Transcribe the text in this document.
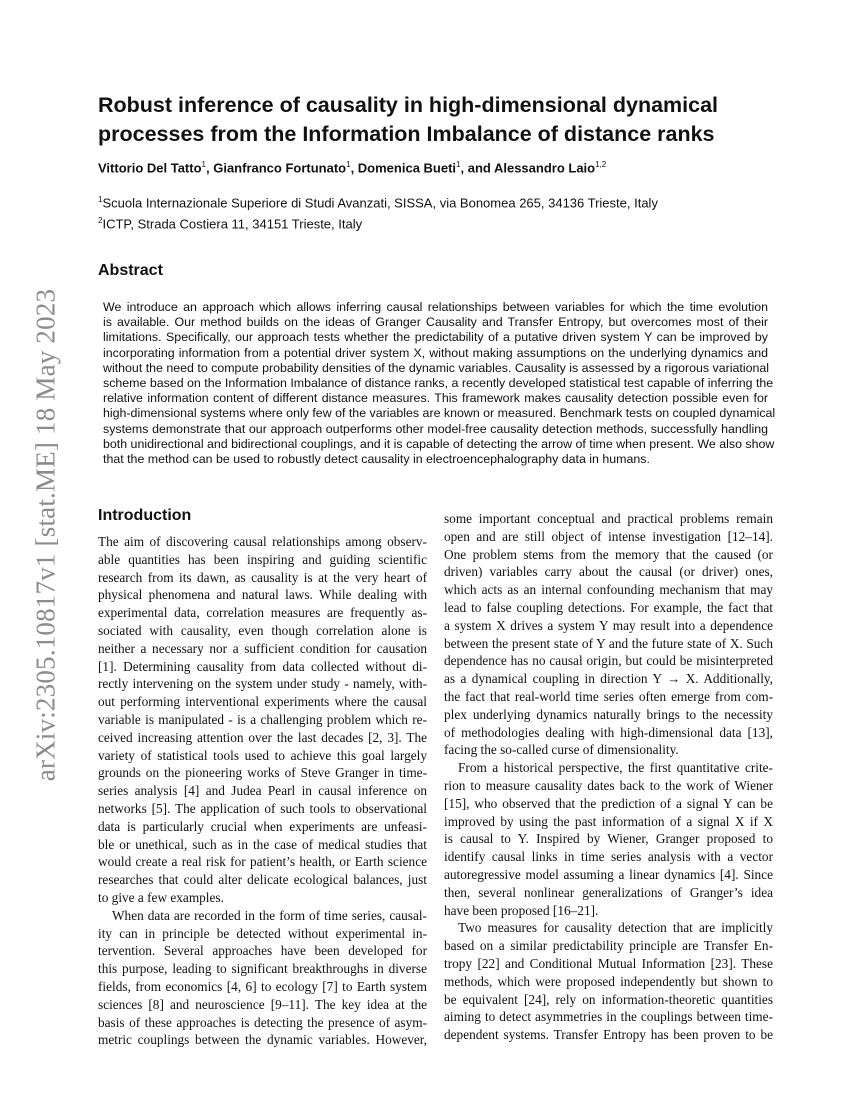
arXiv:2305.10817v1 [stat.ME] 18 May 2023
Robust inference of causality in high-dimensional dynamical
processes from the Information Imbalance of distance ranks
Vittorio Del Tatto$^1$, Gianfranco Fortunato$^1$, Domenica Bueti$^1$, and Alessandro Laio$^{1,2}$
$^1$Scuola Internazionale Superiore di Studi Avanzati, SISSA, via Bonomea 265, 34136 Trieste, Italy
$^2$ICTP, Strada Costiera 11, 34151 Trieste, Italy
Abstract
We introduce an approach which allows inferring causal relationships between variables for which the time evolution
is available. Our method builds on the ideas of Granger Causality and Transfer Entropy, but overcomes most of their
limitations. Specifically, our approach tests whether the predictability of a putative driven system Y can be improved by
incorporating information from a potential driver system X, without making assumptions on the underlying dynamics and
without the need to compute probability densities of the dynamic variables. Causality is assessed by a rigorous variational
scheme based on the Information Imbalance of distance ranks, a recently developed statistical test capable of inferring the
relative information content of different distance measures. This framework makes causality detection possible even for
high-dimensional systems where only few of the variables are known or measured. Benchmark tests on coupled dynamical
systems demonstrate that our approach outperforms other model-free causality detection methods, successfully handling
both unidirectional and bidirectional couplings, and it is capable of detecting the arrow of time when present. We also show
that the method can be used to robustly detect causality in electroencephalography data in humans.
Introduction

The aim of discovering causal relationships among observ-
able quantities has been inspiring and guiding scientific
research from its dawn, as causality is at the very heart of
physical phenomena and natural laws. While dealing with
experimental data, correlation measures are frequently as-
sociated with causality, even though correlation alone is
neither a necessary nor a sufficient condition for causation
[1]. Determining causality from data collected without di-
rectly intervening on the system under study - namely, with-
out performing interventional experiments where the causal
variable is manipulated - is a challenging problem which re-
ceived increasing attention over the last decades [2, 3]. The
variety of statistical tools used to achieve this goal largely
grounds on the pioneering works of Steve Granger in time-
series analysis [4] and Judea Pearl in causal inference on
networks [5]. The application of such tools to observational
data is particularly crucial when experiments are unfeasi-
ble or unethical, such as in the case of medical studies that
would create a real risk for patient’s health, or Earth science
researches that could alter delicate ecological balances, just
to give a few examples.

When data are recorded in the form of time series, causal-
ity can in principle be detected without experimental in-
tervention. Several approaches have been developed for
this purpose, leading to significant breakthroughs in diverse
fields, from economics [4, 6] to ecology [7] to Earth system
sciences [8] and neuroscience [9–11]. The key idea at the
basis of these approaches is detecting the presence of asym-
metric couplings between the dynamic variables. However,

some important conceptual and practical problems remain
open and are still object of intense investigation [12–14].
One problem stems from the memory that the caused (or
driven) variables carry about the causal (or driver) ones,
which acts as an internal confounding mechanism that may
lead to false coupling detections. For example, the fact that
a system X drives a system Y may result into a dependence
between the present state of Y and the future state of X. Such
dependence has no causal origin, but could be misinterpreted
as a dynamical coupling in direction Y → X. Additionally,
the fact that real-world time series often emerge from com-
plex underlying dynamics naturally brings to the necessity
of methodologies dealing with high-dimensional data [13],
facing the so-called curse of dimensionality.

From a historical perspective, the first quantitative crite-
rion to measure causality dates back to the work of Wiener
[15], who observed that the prediction of a signal Y can be
improved by using the past information of a signal X if X
is causal to Y. Inspired by Wiener, Granger proposed to
identify causal links in time series analysis with a vector
autoregressive model assuming a linear dynamics [4]. Since
then, several nonlinear generalizations of Granger’s idea
have been proposed [16–21].

Two measures for causality detection that are implicitly
based on a similar predictability principle are Transfer En-
tropy [22] and Conditional Mutual Information [23]. These
methods, which were proposed independently but shown to
be equivalent [24], rely on information-theoretic quantities
aiming to detect asymmetries in the couplings between time-
dependent systems. Transfer Entropy has been proven to be
